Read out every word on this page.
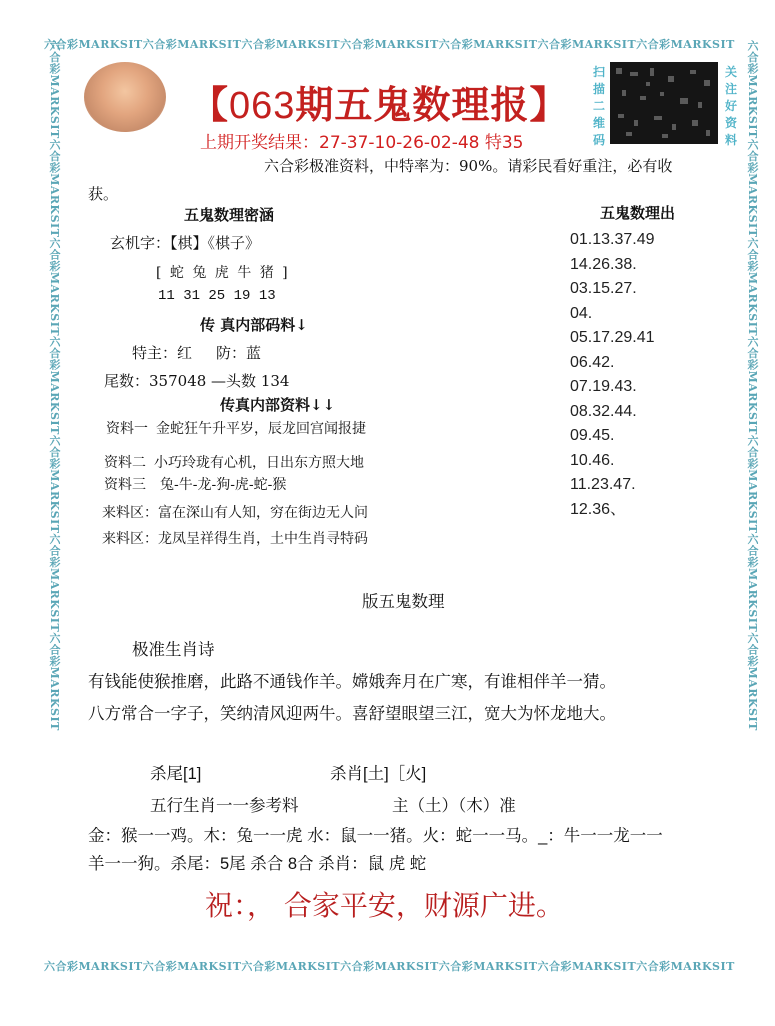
六合彩MARKSIT六合彩MARKSIT六合彩MARKSIT六合彩MARKSIT六合彩MARKSIT六合彩MARKSIT六合彩MARKSIT
六合彩MARKSIT六合彩MARKSIT六合彩MARKSIT六合彩MARKSIT六合彩MARKSIT六合彩MARKSIT六合彩MARKSIT
六合彩MARKSIT六合彩MARKSIT六合彩MARKSIT六合彩MARKSIT六合彩MARKSIT六合彩MARKSIT六合彩MARKSIT	六合彩MARKSIT六合彩MARKSIT六合彩MARKSIT六合彩MARKSIT六合彩MARKSIT六合彩MARKSIT六合彩MARKSIT
【063期五鬼数理报】
上期开奖结果：27-37-10-26-02-48 特35
扫描二维码
关注好资料
六合彩极准资料，中特率为：90%。请彩民看好重注，必有收
获。
五鬼数理密涵
玄机字：【棋】《棋子》
[ 蛇 兔 虎 牛 猪 ]
11 31 25 19 13
传 真内部码料↓
特主：红 防：蓝
尾数：357048 —头数 134
传真内部资料↓↓
资料一 金蛇狂午升平岁，辰龙回宫闻报捷
资料二 小巧玲珑有心机，日出东方照大地
资料三 兔-牛-龙-狗-虎-蛇-猴
来料区：富在深山有人知，穷在街边无人问
来料区：龙凤呈祥得生肖，土中生肖寻特码
五鬼数理出
01.13.37.49
14.26.38.
03.15.27.
04.
05.17.29.41
06.42.
07.19.43.
08.32.44.
09.45.
10.46.
11.23.47.
12.36、
版五鬼数理
极准生肖诗
有钱能使猴推磨，此路不通钱作羊。嫦娥奔月在广寒，有谁相伴羊一猜。
八方常合一字子，笑纳清风迎两牛。喜舒望眼望三江，宽大为怀龙地大。
杀尾[1]	杀肖[土]［火]
五行生肖一一参考料	主（土）（木）准
金：猴一一鸡。木：兔一一虎 水：鼠一一猪。火：蛇一一马。_：牛一一龙一一
羊一一狗。杀尾：5尾 杀合 8合 杀肖：鼠 虎 蛇
祝：， 合家平安，财源广进。
